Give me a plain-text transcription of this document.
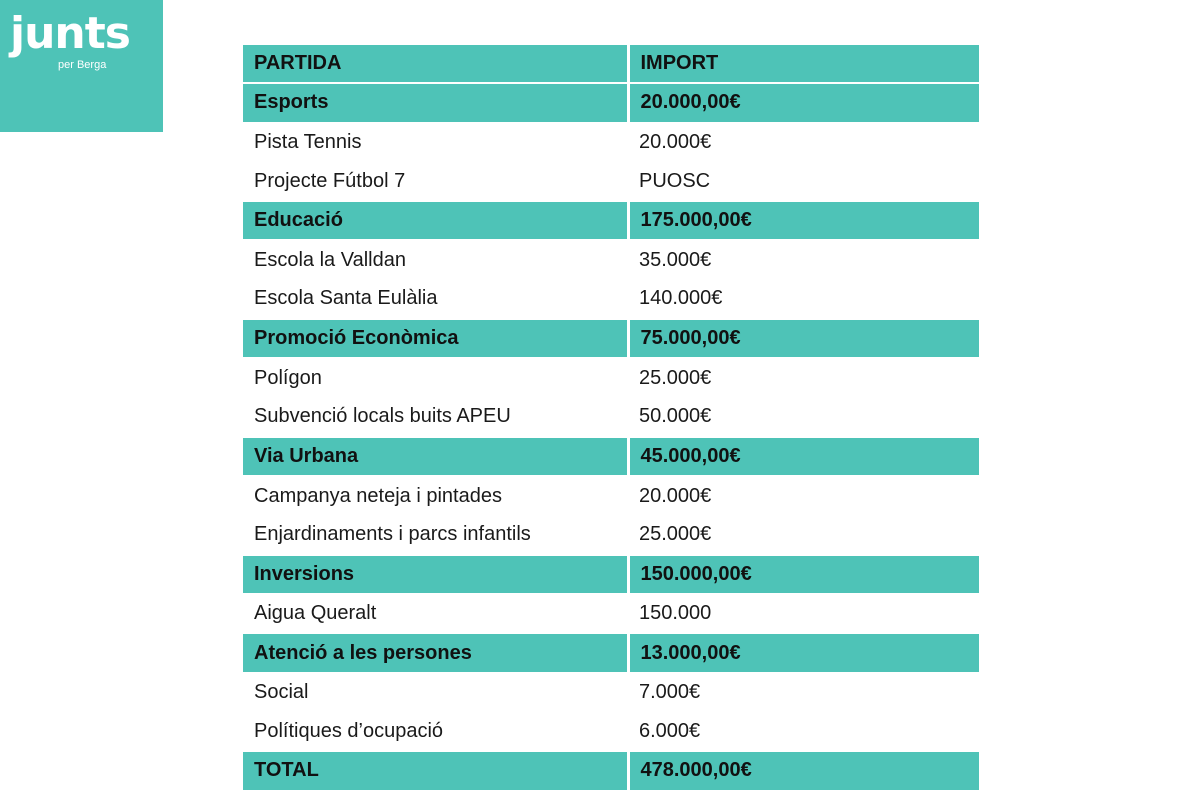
junts
per Berga	PARTIDA	IMPORT
Esports	20.000,00€
Pista Tennis	20.000€
Projecte Fútbol 7	PUOSC
Educació	175.000,00€
Escola la Valldan	35.000€
Escola Santa Eulàlia	140.000€
Promoció Econòmica	75.000,00€
Polígon	25.000€
Subvenció locals buits APEU	50.000€
Via Urbana	45.000,00€
Campanya neteja i pintades	20.000€
Enjardinaments i parcs infantils	25.000€
Inversions	150.000,00€
Aigua Queralt	150.000
Atenció a les persones	13.000,00€
Social	7.000€
Polítiques d’ocupació	6.000€
TOTAL	478.000,00€
